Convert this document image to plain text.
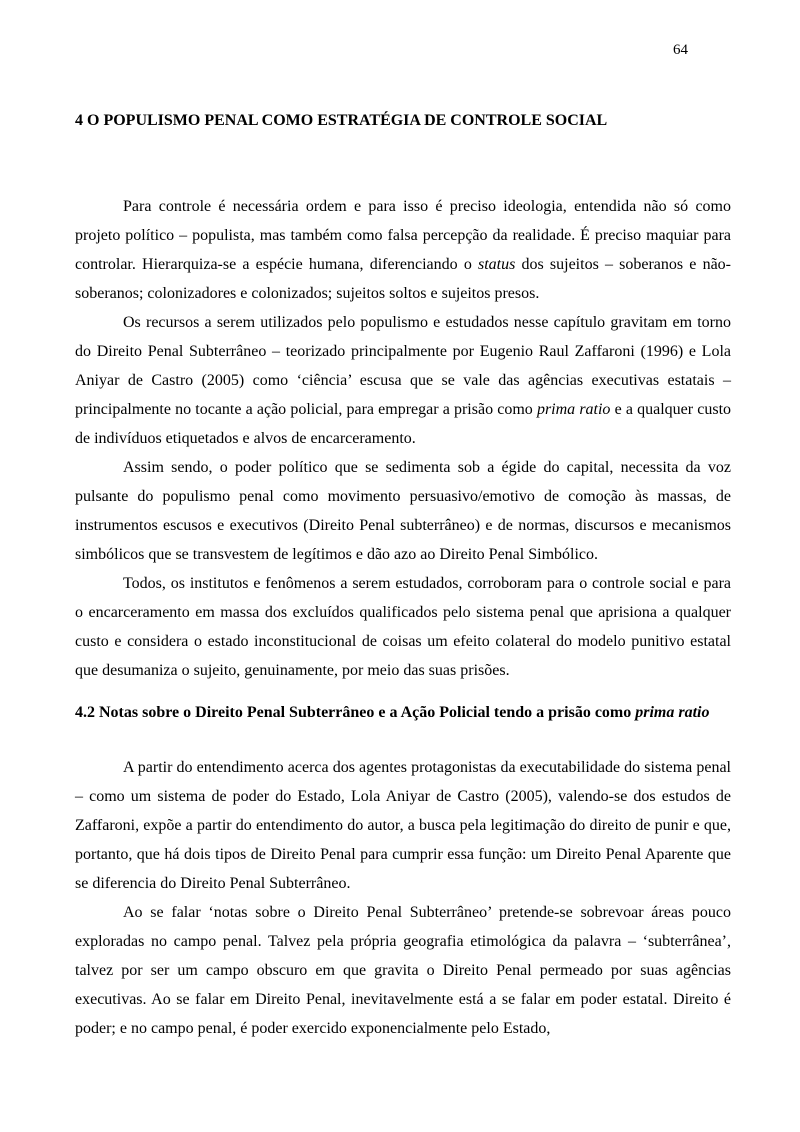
64
4 O POPULISMO PENAL COMO ESTRATÉGIA DE CONTROLE SOCIAL

Para controle é necessária ordem e para isso é preciso ideologia, entendida não só como projeto político – populista, mas também como falsa percepção da realidade. É preciso maquiar para controlar. Hierarquiza-se a espécie humana, diferenciando o status dos sujeitos – soberanos e não-soberanos; colonizadores e colonizados; sujeitos soltos e sujeitos presos.

Os recursos a serem utilizados pelo populismo e estudados nesse capítulo gravitam em torno do Direito Penal Subterrâneo – teorizado principalmente por Eugenio Raul Zaffaroni (1996) e Lola Aniyar de Castro (2005) como ‘ciência’ escusa que se vale das agências executivas estatais – principalmente no tocante a ação policial, para empregar a prisão como prima ratio e a qualquer custo de indivíduos etiquetados e alvos de encarceramento.

Assim sendo, o poder político que se sedimenta sob a égide do capital, necessita da voz pulsante do populismo penal como movimento persuasivo/emotivo de comoção às massas, de instrumentos escusos e executivos (Direito Penal subterrâneo) e de normas, discursos e mecanismos simbólicos que se transvestem de legítimos e dão azo ao Direito Penal Simbólico.

Todos, os institutos e fenômenos a serem estudados, corroboram para o controle social e para o encarceramento em massa dos excluídos qualificados pelo sistema penal que aprisiona a qualquer custo e considera o estado inconstitucional de coisas um efeito colateral do modelo punitivo estatal que desumaniza o sujeito, genuinamente, por meio das suas prisões.

4.2 Notas sobre o Direito Penal Subterrâneo e a Ação Policial tendo a prisão como prima ratio

A partir do entendimento acerca dos agentes protagonistas da executabilidade do sistema penal – como um sistema de poder do Estado, Lola Aniyar de Castro (2005), valendo-se dos estudos de Zaffaroni, expõe a partir do entendimento do autor, a busca pela legitimação do direito de punir e que, portanto, que há dois tipos de Direito Penal para cumprir essa função: um Direito Penal Aparente que se diferencia do Direito Penal Subterrâneo.

Ao se falar ‘notas sobre o Direito Penal Subterrâneo’ pretende-se sobrevoar áreas pouco exploradas no campo penal. Talvez pela própria geografia etimológica da palavra – ‘subterrânea’, talvez por ser um campo obscuro em que gravita o Direito Penal permeado por suas agências executivas. Ao se falar em Direito Penal, inevitavelmente está a se falar em poder estatal. Direito é poder; e no campo penal, é poder exercido exponencialmente pelo Estado,
